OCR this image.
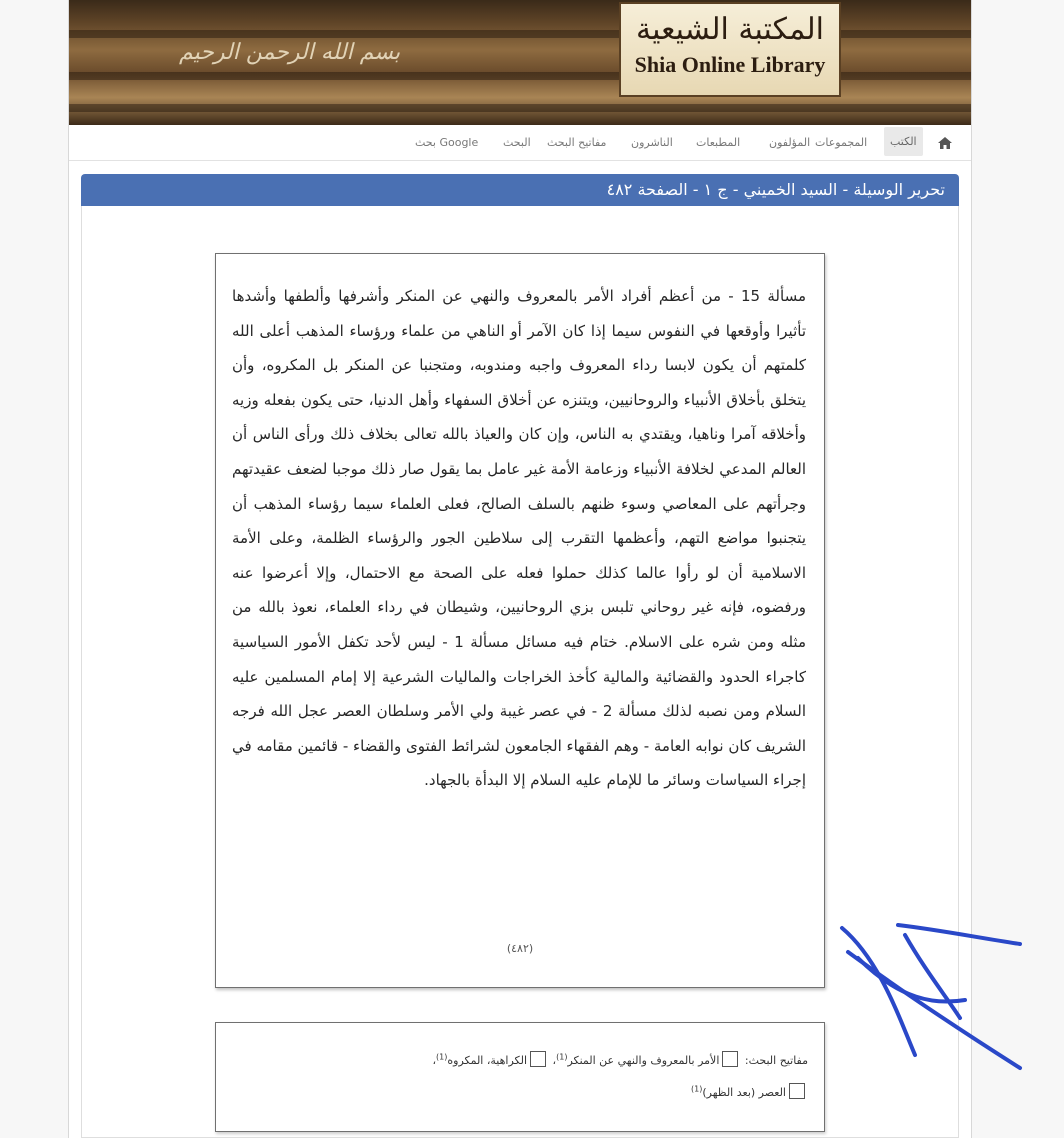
بسم الله الرحمن الرحيم
المكتبة الشيعية
Shia Online Library
الكتب
المجموعات
المؤلفون
المطبعات
الناشرون
مفاتيح البحث
البحث
بحث Google
تحرير الوسيلة - السيد الخميني - ج ١ - الصفحة ٤٨٢
مسألة 15 - من أعظم أفراد الأمر بالمعروف والنهي عن المنكر وأشرفها وألطفها وأشدها تأثيرا وأوقعها في النفوس سيما إذا كان الآمر أو الناهي من علماء ورؤساء المذهب أعلى الله كلمتهم أن يكون لابسا رداء المعروف واجبه ومندوبه، ومتجنبا عن المنكر بل المكروه، وأن يتخلق بأخلاق الأنبياء والروحانيين، ويتنزه عن أخلاق السفهاء وأهل الدنيا، حتى يكون بفعله وزيه وأخلاقه آمرا وناهيا، ويقتدي به الناس، وإن كان والعياذ بالله تعالى بخلاف ذلك ورأى الناس أن العالم المدعي لخلافة الأنبياء وزعامة الأمة غير عامل بما يقول صار ذلك موجبا لضعف عقيدتهم وجرأتهم على المعاصي وسوء ظنهم بالسلف الصالح، فعلى العلماء سيما رؤساء المذهب أن يتجنبوا مواضع التهم، وأعظمها التقرب إلى سلاطين الجور والرؤساء الظلمة، وعلى الأمة الاسلامية أن لو رأوا عالما كذلك حملوا فعله على الصحة مع الاحتمال، وإلا أعرضوا عنه ورفضوه، فإنه غير روحاني تلبس بزي الروحانيين، وشيطان في رداء العلماء، نعوذ بالله من مثله ومن شره على الاسلام. ختام فيه مسائل مسألة 1 - ليس لأحد تكفل الأمور السياسية كاجراء الحدود والقضائية والمالية كأخذ الخراجات والماليات الشرعية إلا إمام المسلمين عليه السلام ومن نصبه لذلك مسألة 2 - في عصر غيبة ولي الأمر وسلطان العصر عجل الله فرجه الشريف كان نوابه العامة - وهم الفقهاء الجامعون لشرائط الفتوى والقضاء - قائمين مقامه في إجراء السياسات وسائر ما للإمام عليه السلام إلا البدأة بالجهاد.
(٤٨٢)
مفاتيح البحث: الأمر بالمعروف والنهي عن المنكر$^{(1)}$، الكراهية، المكروه$^{(1)}$،
العصر (بعد الظهر)$^{(1)}$
